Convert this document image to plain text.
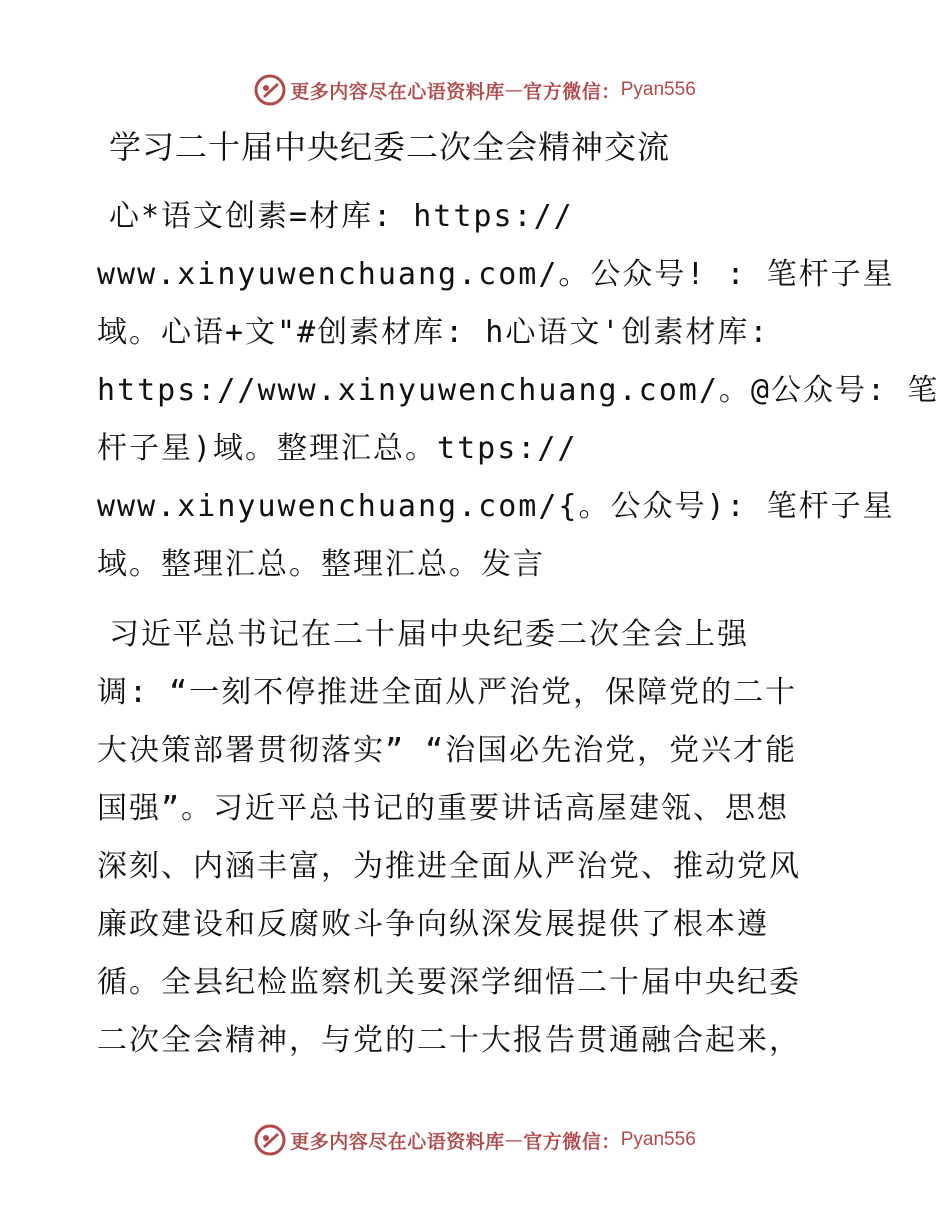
更多内容尽在心语资料库 — 官方微信： Pyan556
学习二十届中央纪委二次全会精神交流
心*语文创素=材库: https://
www.xinyuwenchuang.com/。公众号! : 笔杆子星
域。心语+文"#创素材库: h心语文'创素材库:
https://www.xinyuwenchuang.com/。@公众号: 笔
杆子星)域。整理汇总。ttps://
www.xinyuwenchuang.com/{。公众号): 笔杆子星
域。整理汇总。整理汇总。发言
习近平总书记在二十届中央纪委二次全会上强
调: “一刻不停推进全面从严治党，保障党的二十
大决策部署贯彻落实” “治国必先治党，党兴才能
国强”。习近平总书记的重要讲话高屋建瓴、思想
深刻、内涵丰富，为推进全面从严治党、推动党风
廉政建设和反腐败斗争向纵深发展提供了根本遵
循。全县纪检监察机关要深学细悟二十届中央纪委
二次全会精神，与党的二十大报告贯通融合起来，
更多内容尽在心语资料库 — 官方微信： Pyan556
